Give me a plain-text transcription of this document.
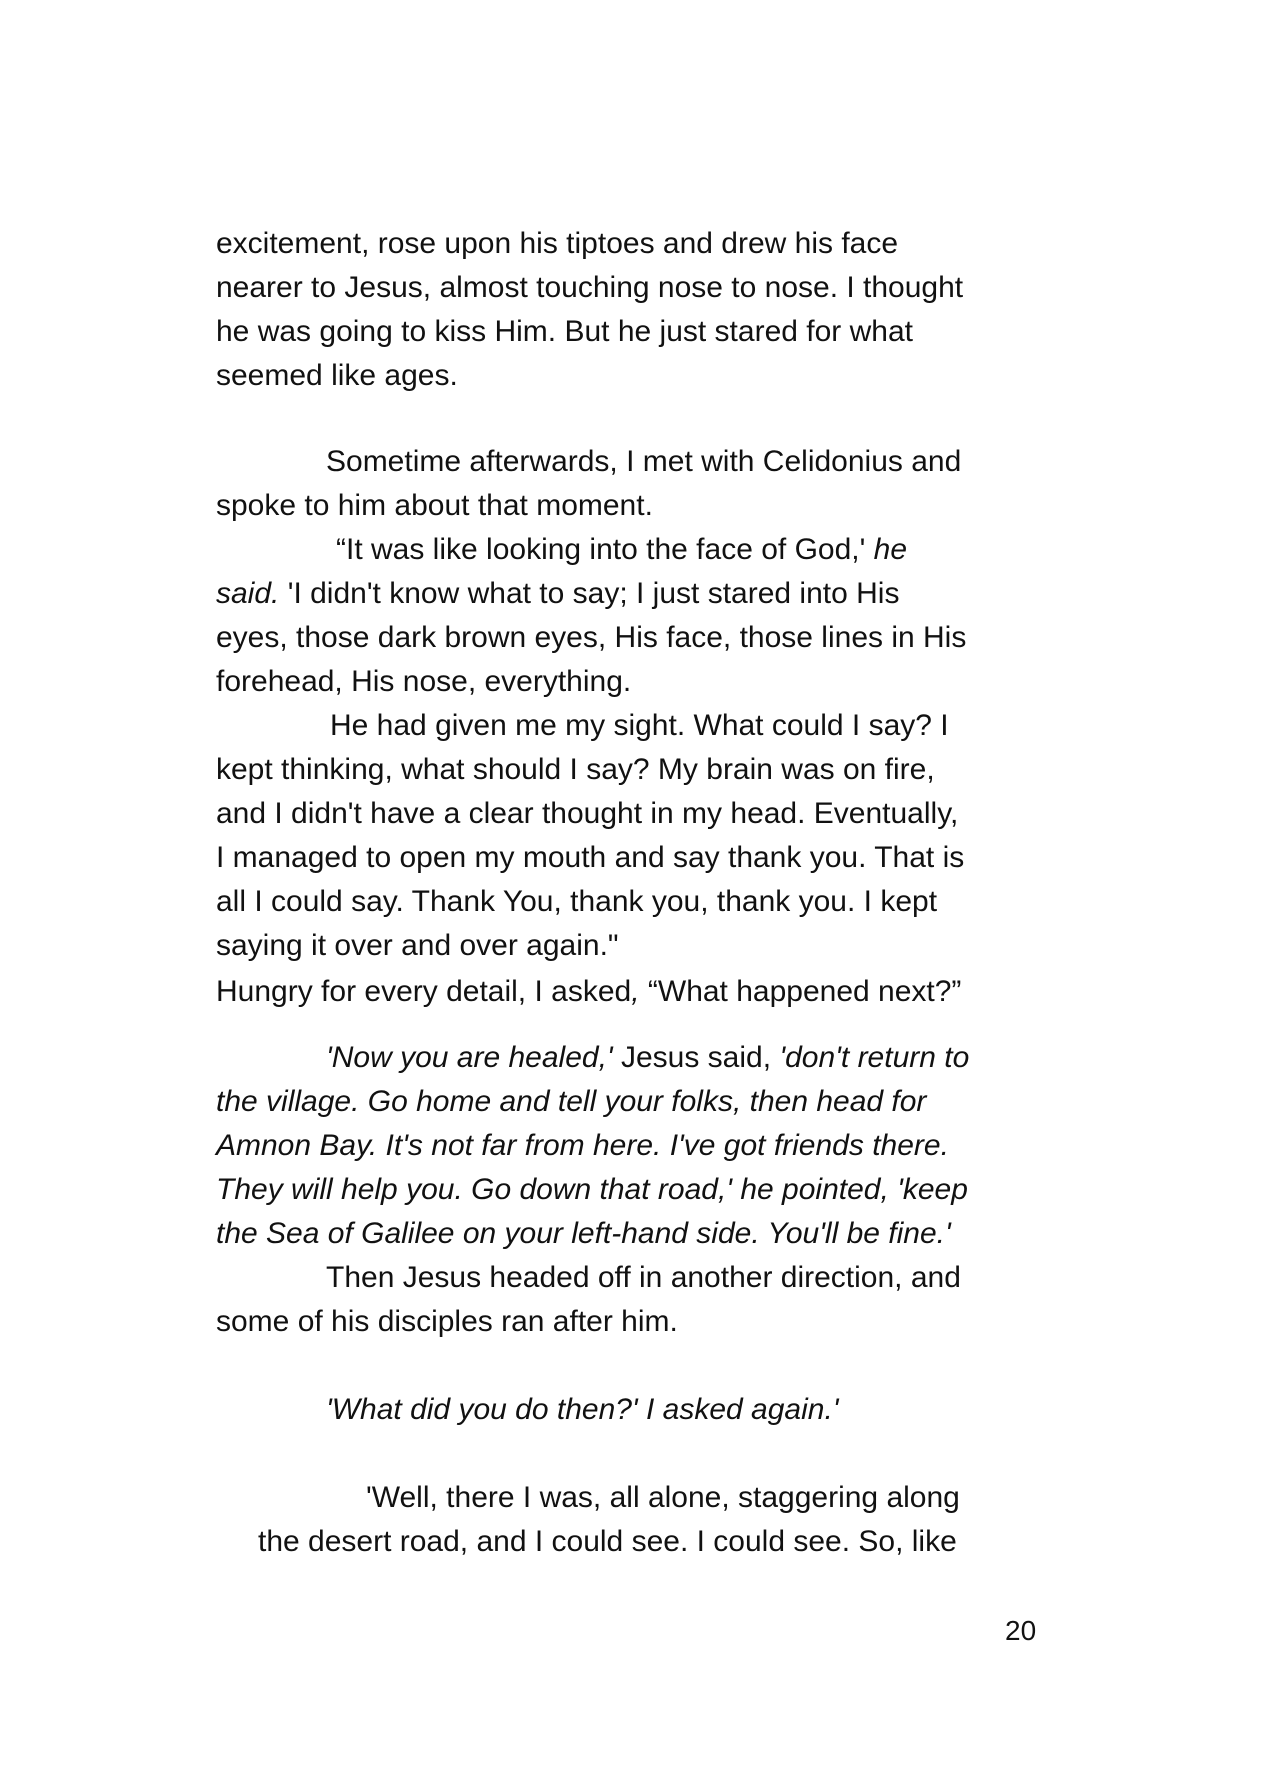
excitement, rose upon his tiptoes and drew his face

nearer to Jesus, almost touching nose to nose. I thought

he was going to kiss Him. But he just stared for what

seemed like ages.

Sometime afterwards, I met with Celidonius and

spoke to him about that moment.

“It was like looking into the face of God,' he

said. 'I didn't know what to say; I just stared into His

eyes, those dark brown eyes, His face, those lines in His

forehead, His nose, everything.

He had given me my sight. What could I say? I

kept thinking, what should I say? My brain was on fire,

and I didn't have a clear thought in my head. Eventually,

I managed to open my mouth and say thank you. That is

all I could say. Thank You, thank you, thank you. I kept

saying it over and over again."

Hungry for every detail, I asked, “What happened next?”

'Now you are healed,' Jesus said, 'don't return to

the village. Go home and tell your folks, then head for

Amnon Bay. It's not far from here. I've got friends there.

They will help you. Go down that road,' he pointed, 'keep

the Sea of Galilee on your left-hand side. You'll be fine.'

Then Jesus headed off in another direction, and

some of his disciples ran after him.

'What did you do then?' I asked again.'

'Well, there I was, all alone, staggering along

the desert road, and I could see. I could see. So, like

20
